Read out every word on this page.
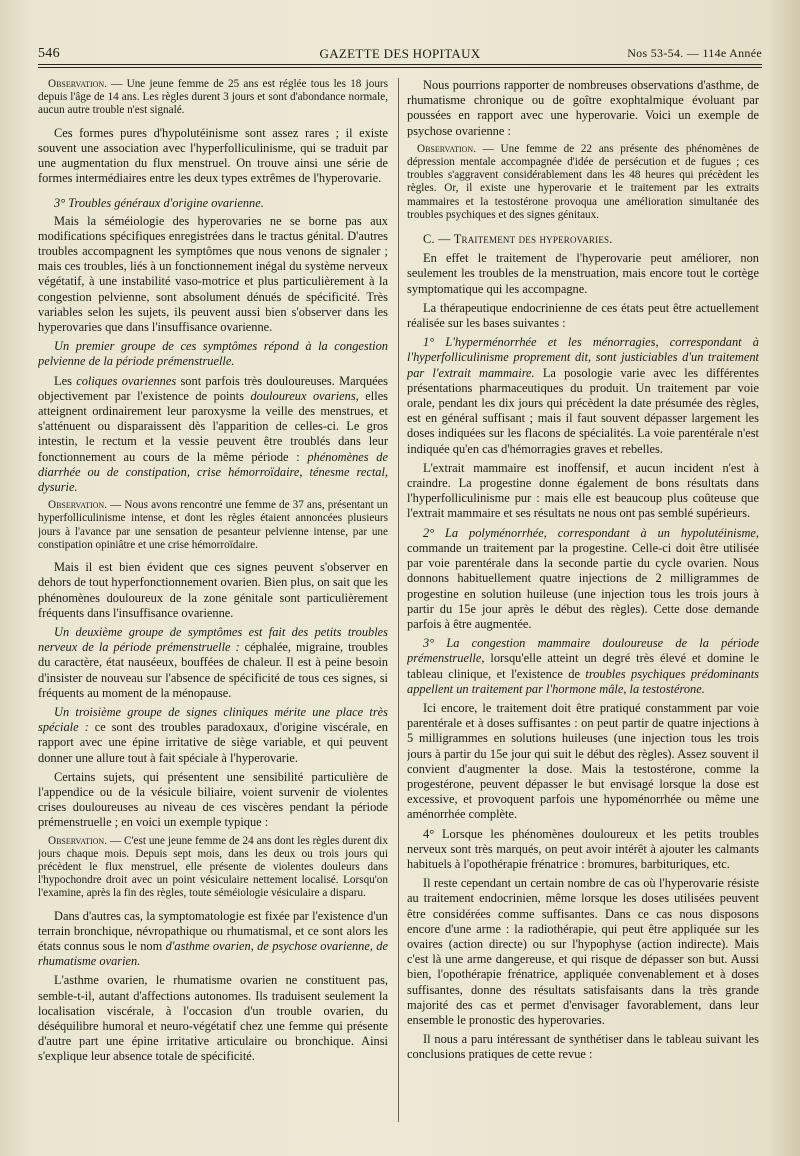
546	GAZETTE DES HOPITAUX	Nos 53-54. — 114e Année

Observation. — Une jeune femme de 25 ans est réglée tous les 18 jours depuis l'âge de 14 ans. Les règles durent 3 jours et sont d'abondance normale, aucun autre trouble n'est signalé.

Ces formes pures d'hypolutéinisme sont assez rares ; il existe souvent une association avec l'hyperfolliculinisme, qui se traduit par une augmentation du flux menstruel. On trouve ainsi une série de formes intermédiaires entre les deux types extrêmes de l'hyperovarie.

3° Troubles généraux d'origine ovarienne.

Mais la séméiologie des hyperovaries ne se borne pas aux modifications spécifiques enregistrées dans le tractus génital. D'autres troubles accompagnent les symptômes que nous venons de signaler ; mais ces troubles, liés à un fonctionnement inégal du système nerveux végétatif, à une instabilité vaso-motrice et plus particulièrement à la congestion pelvienne, sont absolument dénués de spécificité. Très variables selon les sujets, ils peuvent aussi bien s'observer dans les hyperovaries que dans l'insuffisance ovarienne.

Un premier groupe de ces symptômes répond à la congestion pelvienne de la période prémenstruelle.

Les coliques ovariennes sont parfois très douloureuses. Marquées objectivement par l'existence de points douloureux ovariens, elles atteignent ordinairement leur paroxysme la veille des menstrues, et s'atténuent ou disparaissent dès l'apparition de celles-ci. Le gros intestin, le rectum et la vessie peuvent être troublés dans leur fonctionnement au cours de la même période : phénomènes de diarrhée ou de constipation, crise hémorroïdaire, ténesme rectal, dysurie.

Observation. — Nous avons rencontré une femme de 37 ans, présentant un hyperfolliculinisme intense, et dont les règles étaient annoncées plusieurs jours à l'avance par une sensation de pesanteur pelvienne intense, par une constipation opiniâtre et une crise hémorroïdaire.

Mais il est bien évident que ces signes peuvent s'observer en dehors de tout hyperfonctionnement ovarien. Bien plus, on sait que les phénomènes douloureux de la zone génitale sont particulièrement fréquents dans l'insuffisance ovarienne.

Un deuxième groupe de symptômes est fait des petits troubles nerveux de la période prémenstruelle : céphalée, migraine, troubles du caractère, état nauséeux, bouffées de chaleur. Il est à peine besoin d'insister de nouveau sur l'absence de spécificité de tous ces signes, si fréquents au moment de la ménopause.

Un troisième groupe de signes cliniques mérite une place très spéciale : ce sont des troubles paradoxaux, d'origine viscérale, en rapport avec une épine irritative de siège variable, et qui peuvent donner une allure tout à fait spéciale à l'hyperovarie.

Certains sujets, qui présentent une sensibilité particulière de l'appendice ou de la vésicule biliaire, voient survenir de violentes crises douloureuses au niveau de ces viscères pendant la période prémenstruelle ; en voici un exemple typique :

Observation. — C'est une jeune femme de 24 ans dont les règles durent dix jours chaque mois. Depuis sept mois, dans les deux ou trois jours qui précèdent le flux menstruel, elle présente de violentes douleurs dans l'hypochondre droit avec un point vésiculaire nettement localisé. Lorsqu'on l'examine, après la fin des règles, toute séméiologie vésiculaire a disparu.

Dans d'autres cas, la symptomatologie est fixée par l'existence d'un terrain bronchique, névropathique ou rhumatismal, et ce sont alors les états connus sous le nom d'asthme ovarien, de psychose ovarienne, de rhumatisme ovarien.

L'asthme ovarien, le rhumatisme ovarien ne constituent pas, semble-t-il, autant d'affections autonomes. Ils traduisent seulement la localisation viscérale, à l'occasion d'un trouble ovarien, du déséquilibre humoral et neuro-végétatif chez une femme qui présente d'autre part une épine irritative articulaire ou bronchique. Ainsi s'explique leur absence totale de spécificité.

Nous pourrions rapporter de nombreuses observations d'asthme, de rhumatisme chronique ou de goître exophtalmique évoluant par poussées en rapport avec une hyperovarie. Voici un exemple de psychose ovarienne :

Observation. — Une femme de 22 ans présente des phénomènes de dépression mentale accompagnée d'idée de persécution et de fugues ; ces troubles s'aggravent considérablement dans les 48 heures qui précèdent les règles. Or, il existe une hyperovarie et le traitement par les extraits mammaires et la testostérone provoqua une amélioration simultanée des troubles psychiques et des signes génitaux.

C. — Traitement des hyperovaries.

En effet le traitement de l'hyperovarie peut améliorer, non seulement les troubles de la menstruation, mais encore tout le cortège symptomatique qui les accompagne.

La thérapeutique endocrinienne de ces états peut être actuellement réalisée sur les bases suivantes :

1° L'hyperménorrhée et les ménorragies, correspondant à l'hyperfolliculinisme proprement dit, sont justiciables d'un traitement par l'extrait mammaire. La posologie varie avec les différentes présentations pharmaceutiques du produit. Un traitement par voie orale, pendant les dix jours qui précèdent la date présumée des règles, est en général suffisant ; mais il faut souvent dépasser largement les doses indiquées sur les flacons de spécialités. La voie parentérale n'est indiquée qu'en cas d'hémorragies graves et rebelles.

L'extrait mammaire est inoffensif, et aucun incident n'est à craindre. La progestine donne également de bons résultats dans l'hyperfolliculinisme pur : mais elle est beaucoup plus coûteuse que l'extrait mammaire et ses résultats ne nous ont pas semblé supérieurs.

2° La polyménorrhée, correspondant à un hypolutéinisme, commande un traitement par la progestine. Celle-ci doit être utilisée par voie parentérale dans la seconde partie du cycle ovarien. Nous donnons habituellement quatre injections de 2 milligrammes de progestine en solution huileuse (une injection tous les trois jours à partir du 15e jour après le début des règles). Cette dose demande parfois à être augmentée.

3° La congestion mammaire douloureuse de la période prémenstruelle, lorsqu'elle atteint un degré très élevé et domine le tableau clinique, et l'existence de troubles psychiques prédominants appellent un traitement par l'hormone mâle, la testostérone.

Ici encore, le traitement doit être pratiqué constamment par voie parentérale et à doses suffisantes : on peut partir de quatre injections à 5 milligrammes en solutions huileuses (une injection tous les trois jours à partir du 15e jour qui suit le début des règles). Assez souvent il convient d'augmenter la dose. Mais la testostérone, comme la progestérone, peuvent dépasser le but envisagé lorsque la dose est excessive, et provoquent parfois une hypoménorrhée ou même une aménorrhée complète.

4° Lorsque les phénomènes douloureux et les petits troubles nerveux sont très marqués, on peut avoir intérêt à ajouter les calmants habituels à l'opothérapie frénatrice : bromures, barbituriques, etc.

Il reste cependant un certain nombre de cas où l'hyperovarie résiste au traitement endocrinien, même lorsque les doses utilisées peuvent être considérées comme suffisantes. Dans ce cas nous disposons encore d'une arme : la radiothérapie, qui peut être appliquée sur les ovaires (action directe) ou sur l'hypophyse (action indirecte). Mais c'est là une arme dangereuse, et qui risque de dépasser son but. Aussi bien, l'opothérapie frénatrice, appliquée convenablement et à doses suffisantes, donne des résultats satisfaisants dans la très grande majorité des cas et permet d'envisager favorablement, dans leur ensemble le pronostic des hyperovaries.

Il nous a paru intéressant de synthétiser dans le tableau suivant les conclusions pratiques de cette revue :
